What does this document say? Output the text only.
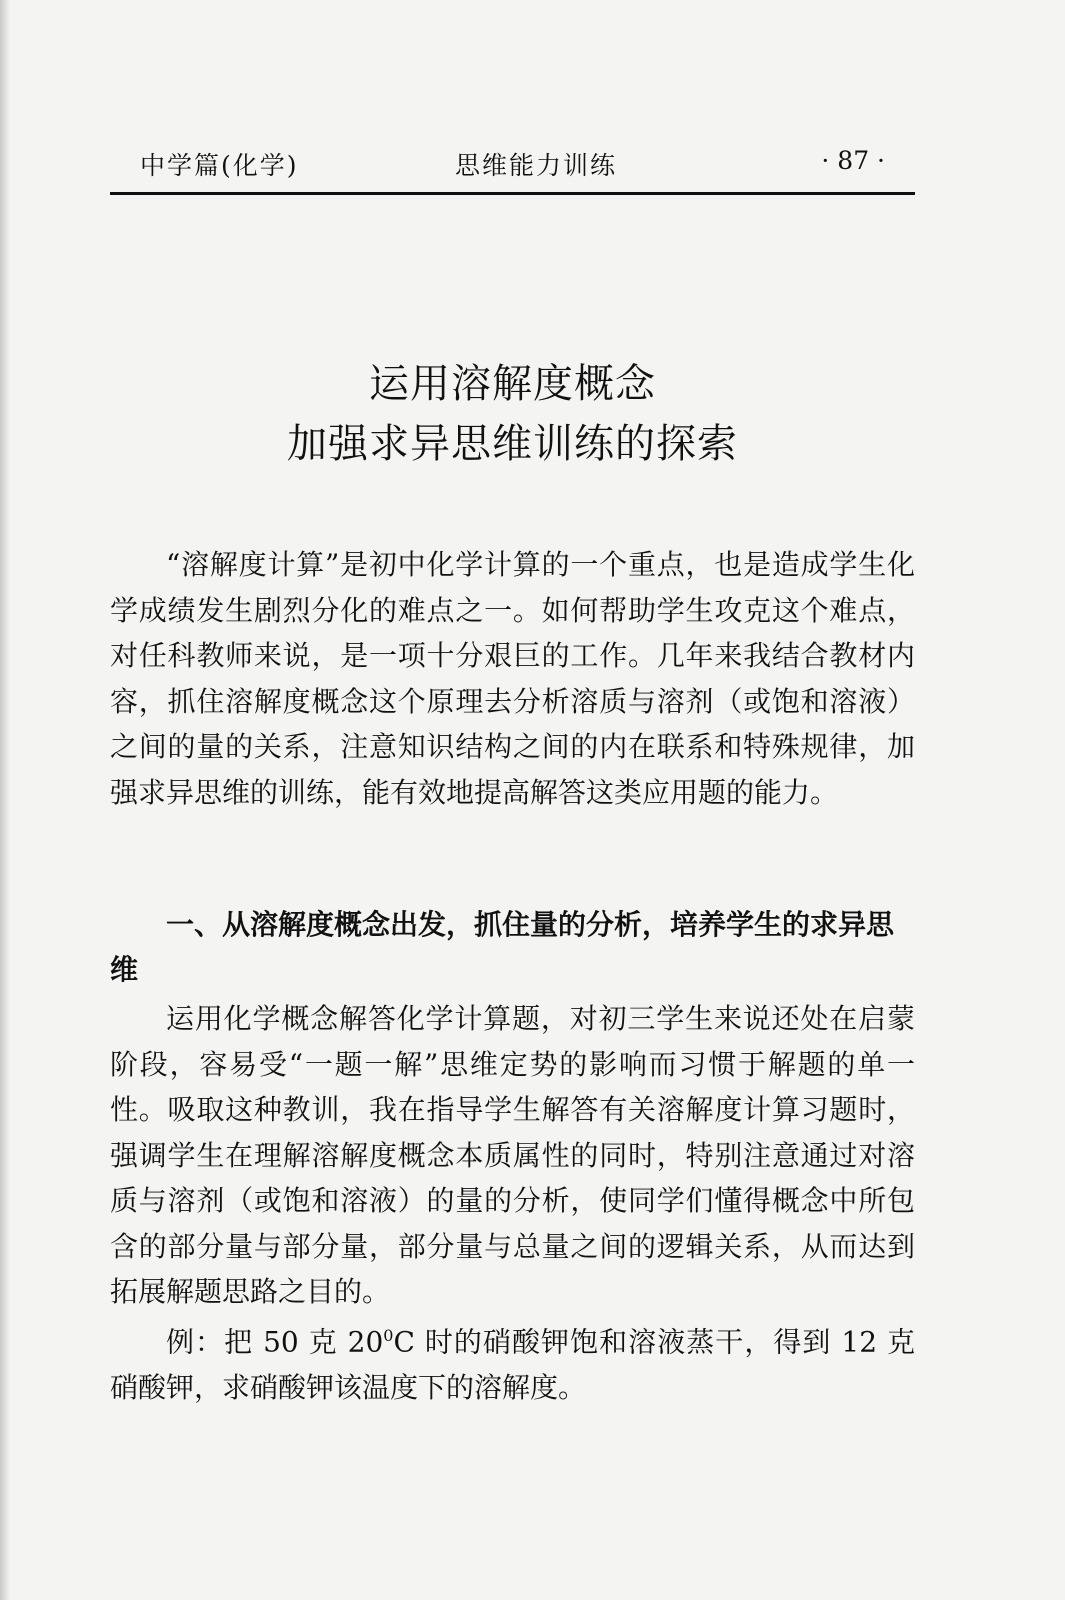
中学篇(化学)	思维能力训练	· 87 ·
运用溶解度概念
加强求异思维训练的探索

“溶解度计算”是初中化学计算的一个重点，也是造成学生化学成绩发生剧烈分化的难点之一。如何帮助学生攻克这个难点，对任科教师来说，是一项十分艰巨的工作。几年来我结合教材内容，抓住溶解度概念这个原理去分析溶质与溶剂（或饱和溶液）之间的量的关系，注意知识结构之间的内在联系和特殊规律，加强求异思维的训练，能有效地提高解答这类应用题的能力。

一、从溶解度概念出发，抓住量的分析，培养学生的求异思维

运用化学概念解答化学计算题，对初三学生来说还处在启蒙阶段，容易受“一题一解”思维定势的影响而习惯于解题的单一性。吸取这种教训，我在指导学生解答有关溶解度计算习题时，强调学生在理解溶解度概念本质属性的同时，特别注意通过对溶质与溶剂（或饱和溶液）的量的分析，使同学们懂得概念中所包含的部分量与部分量，部分量与总量之间的逻辑关系，从而达到拓展解题思路之目的。

例：把 50 克 $20^0C$ 时的硝酸钾饱和溶液蒸干，得到 12 克硝酸钾，求硝酸钾该温度下的溶解度。
